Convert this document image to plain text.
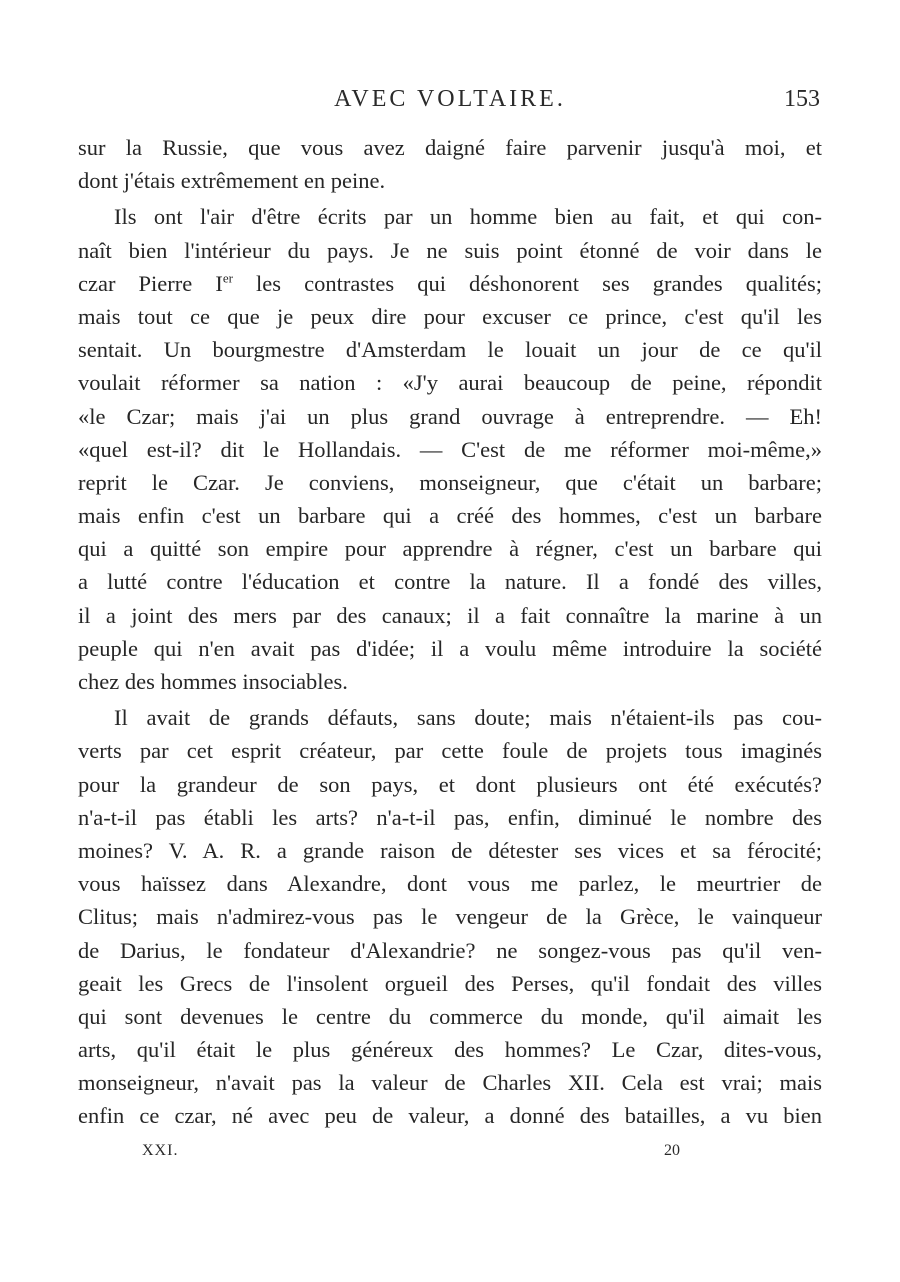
AVEC VOLTAIRE.	153
sur la Russie, que vous avez daigné faire parvenir jusqu'à moi, et
dont j'étais extrêmement en peine.
Ils ont l'air d'être écrits par un homme bien au fait, et qui con-
naît bien l'intérieur du pays. Je ne suis point étonné de voir dans le
czar Pierre Ier les contrastes qui déshonorent ses grandes qualités;
mais tout ce que je peux dire pour excuser ce prince, c'est qu'il les
sentait. Un bourgmestre d'Amsterdam le louait un jour de ce qu'il
voulait réformer sa nation : «J'y aurai beaucoup de peine, répondit
«le Czar; mais j'ai un plus grand ouvrage à entreprendre. — Eh!
«quel est-il? dit le Hollandais. — C'est de me réformer moi-même,»
reprit le Czar. Je conviens, monseigneur, que c'était un barbare;
mais enfin c'est un barbare qui a créé des hommes, c'est un barbare
qui a quitté son empire pour apprendre à régner, c'est un barbare qui
a lutté contre l'éducation et contre la nature. Il a fondé des villes,
il a joint des mers par des canaux; il a fait connaître la marine à un
peuple qui n'en avait pas d'idée; il a voulu même introduire la société
chez des hommes insociables.
Il avait de grands défauts, sans doute; mais n'étaient-ils pas cou-
verts par cet esprit créateur, par cette foule de projets tous imaginés
pour la grandeur de son pays, et dont plusieurs ont été exécutés?
n'a-t-il pas établi les arts? n'a-t-il pas, enfin, diminué le nombre des
moines? V. A. R. a grande raison de détester ses vices et sa férocité;
vous haïssez dans Alexandre, dont vous me parlez, le meurtrier de
Clitus; mais n'admirez-vous pas le vengeur de la Grèce, le vainqueur
de Darius, le fondateur d'Alexandrie? ne songez-vous pas qu'il ven-
geait les Grecs de l'insolent orgueil des Perses, qu'il fondait des villes
qui sont devenues le centre du commerce du monde, qu'il aimait les
arts, qu'il était le plus généreux des hommes? Le Czar, dites-vous,
monseigneur, n'avait pas la valeur de Charles XII. Cela est vrai; mais
enfin ce czar, né avec peu de valeur, a donné des batailles, a vu bien
XXI.	20
